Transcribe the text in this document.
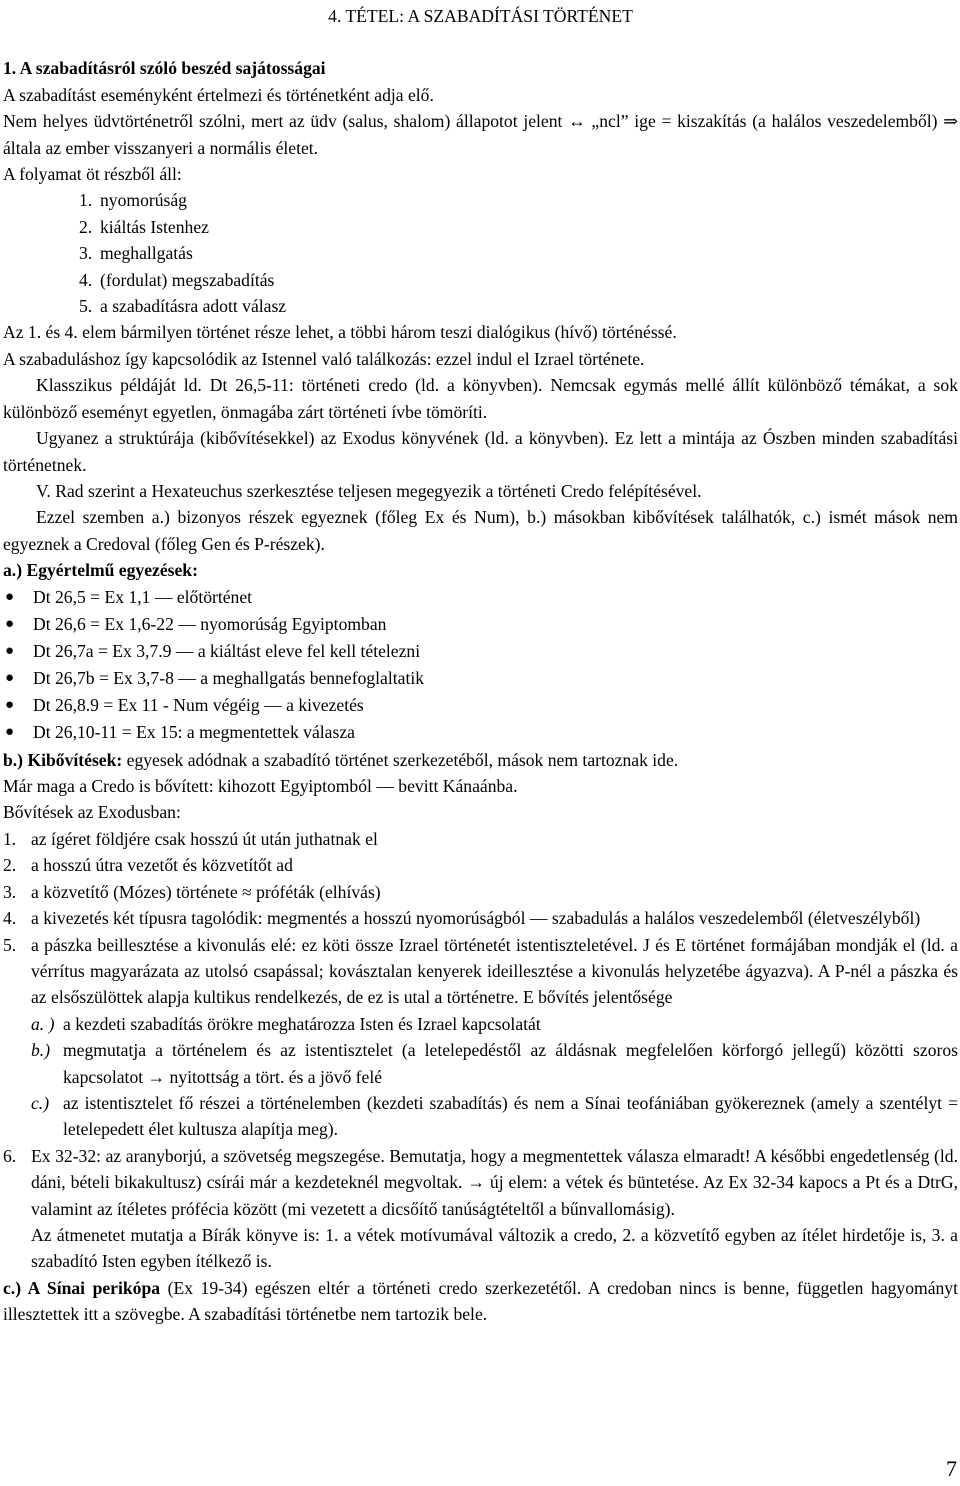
4. TÉTEL: A SZABADÍTÁSI TÖRTÉNET
1. A szabadításról szóló beszéd sajátosságai
A szabadítást eseményként értelmezi és történetként adja elő.

Nem helyes üdvtörténetről szólni, mert az üdv (salus, shalom) állapotot jelent ↔ „ncl” ige = kiszakítás (a halálos veszedelemből) ⇒ általa az ember visszanyeri a normális életet.

A folyamat öt részből áll:
1. nyomorúság
2. kiáltás Istenhez
3. meghallgatás
4. (fordulat) megszabadítás
5. a szabadításra adott válasz
Az 1. és 4. elem bármilyen történet része lehet, a többi három teszi dialógikus (hívő) történéssé.
A szabaduláshoz így kapcsolódik az Istennel való találkozás: ezzel indul el Izrael története.

Klasszikus példáját ld. Dt 26,5-11: történeti credo (ld. a könyvben). Nemcsak egymás mellé állít különböző témákat, a sok különböző eseményt egyetlen, önmagába zárt történeti ívbe tömöríti.

Ugyanez a struktúrája (kibővítésekkel) az Exodus könyvének (ld. a könyvben). Ez lett a mintája az Ószben minden szabadítási történetnek.

V. Rad szerint a Hexateuchus szerkesztése teljesen megegyezik a történeti Credo felépítésével.

Ezzel szemben a.) bizonyos részek egyeznek (főleg Ex és Num), b.) másokban kibővítések találhatók, c.) ismét mások nem egyeznek a Credoval (főleg Gen és P-részek).

a.) Egyértelmű egyezések:
●	Dt 26,5 = Ex 1,1 — előtörténet
●	Dt 26,6 = Ex 1,6-22 — nyomorúság Egyiptomban
●	Dt 26,7a = Ex 3,7.9 — a kiáltást eleve fel kell tételezni
●	Dt 26,7b = Ex 3,7-8 — a meghallgatás bennefoglaltatik
●	Dt 26,8.9 = Ex 11 - Num végéig — a kivezetés
●	Dt 26,10-11 = Ex 15: a megmentettek válasza
b.) Kibővítések: egyesek adódnak a szabadító történet szerkezetéből, mások nem tartoznak ide.
Már maga a Credo is bővített: kihozott Egyiptomból — bevitt Kánaánba.
Bővítések az Exodusban:
1. az ígéret földjére csak hosszú út után juthatnak el
2. a hosszú útra vezetőt és közvetítőt ad
3. a közvetítő (Mózes) története ≈ próféták (elhívás)
4. a kivezetés két típusra tagolódik: megmentés a hosszú nyomorúságból — szabadulás a halálos veszedelemből (életveszélyből)
5. a pászka beillesztése a kivonulás elé: ez köti össze Izrael történetét istentiszteletével. J és E történet formájában mondják el (ld. a vérrítus magyarázata az utolsó csapással; kovásztalan kenyerek ideillesztése a kivonulás helyzetébe ágyazva). A P-nél a pászka és az elsőszülöttek alapja kultikus rendelkezés, de ez is utal a történetre. E bővítés jelentősége
a. ) a kezdeti szabadítás örökre meghatározza Isten és Izrael kapcsolatát
b.) megmutatja a történelem és az istentisztelet (a letelepedéstől az áldásnak megfelelően körforgó jellegű) közötti szoros kapcsolatot → nyitottság a tört. és a jövő felé
c.) az istentisztelet fő részei a történelemben (kezdeti szabadítás) és nem a Sínai teofániában gyökereznek (amely a szentélyt = letelepedett élet kultusza alapítja meg).
6. Ex 32-32: az aranyborjú, a szövetség megszegése. Bemutatja, hogy a megmentettek válasza elmaradt! A későbbi engedetlenség (ld. dáni, bételi bikakultusz) csírái már a kezdeteknél megvoltak. → új elem: a vétek és büntetése. Az Ex 32-34 kapocs a Pt és a DtrG, valamint az ítéletes prófécia között (mi vezetett a dicsőítő tanúságtételtől a bűnvallomásig).
Az átmenetet mutatja a Bírák könyve is: 1. a vétek motívumával változik a credo, 2. a közvetítő egyben az ítélet hirdetője is, 3. a szabadító Isten egyben ítélkező is.

c.) A Sínai perikópa (Ex 19-34) egészen eltér a történeti credo szerkezetétől. A credoban nincs is benne, független hagyományt illesztettek itt a szövegbe. A szabadítási történetbe nem tartozik bele.

7
